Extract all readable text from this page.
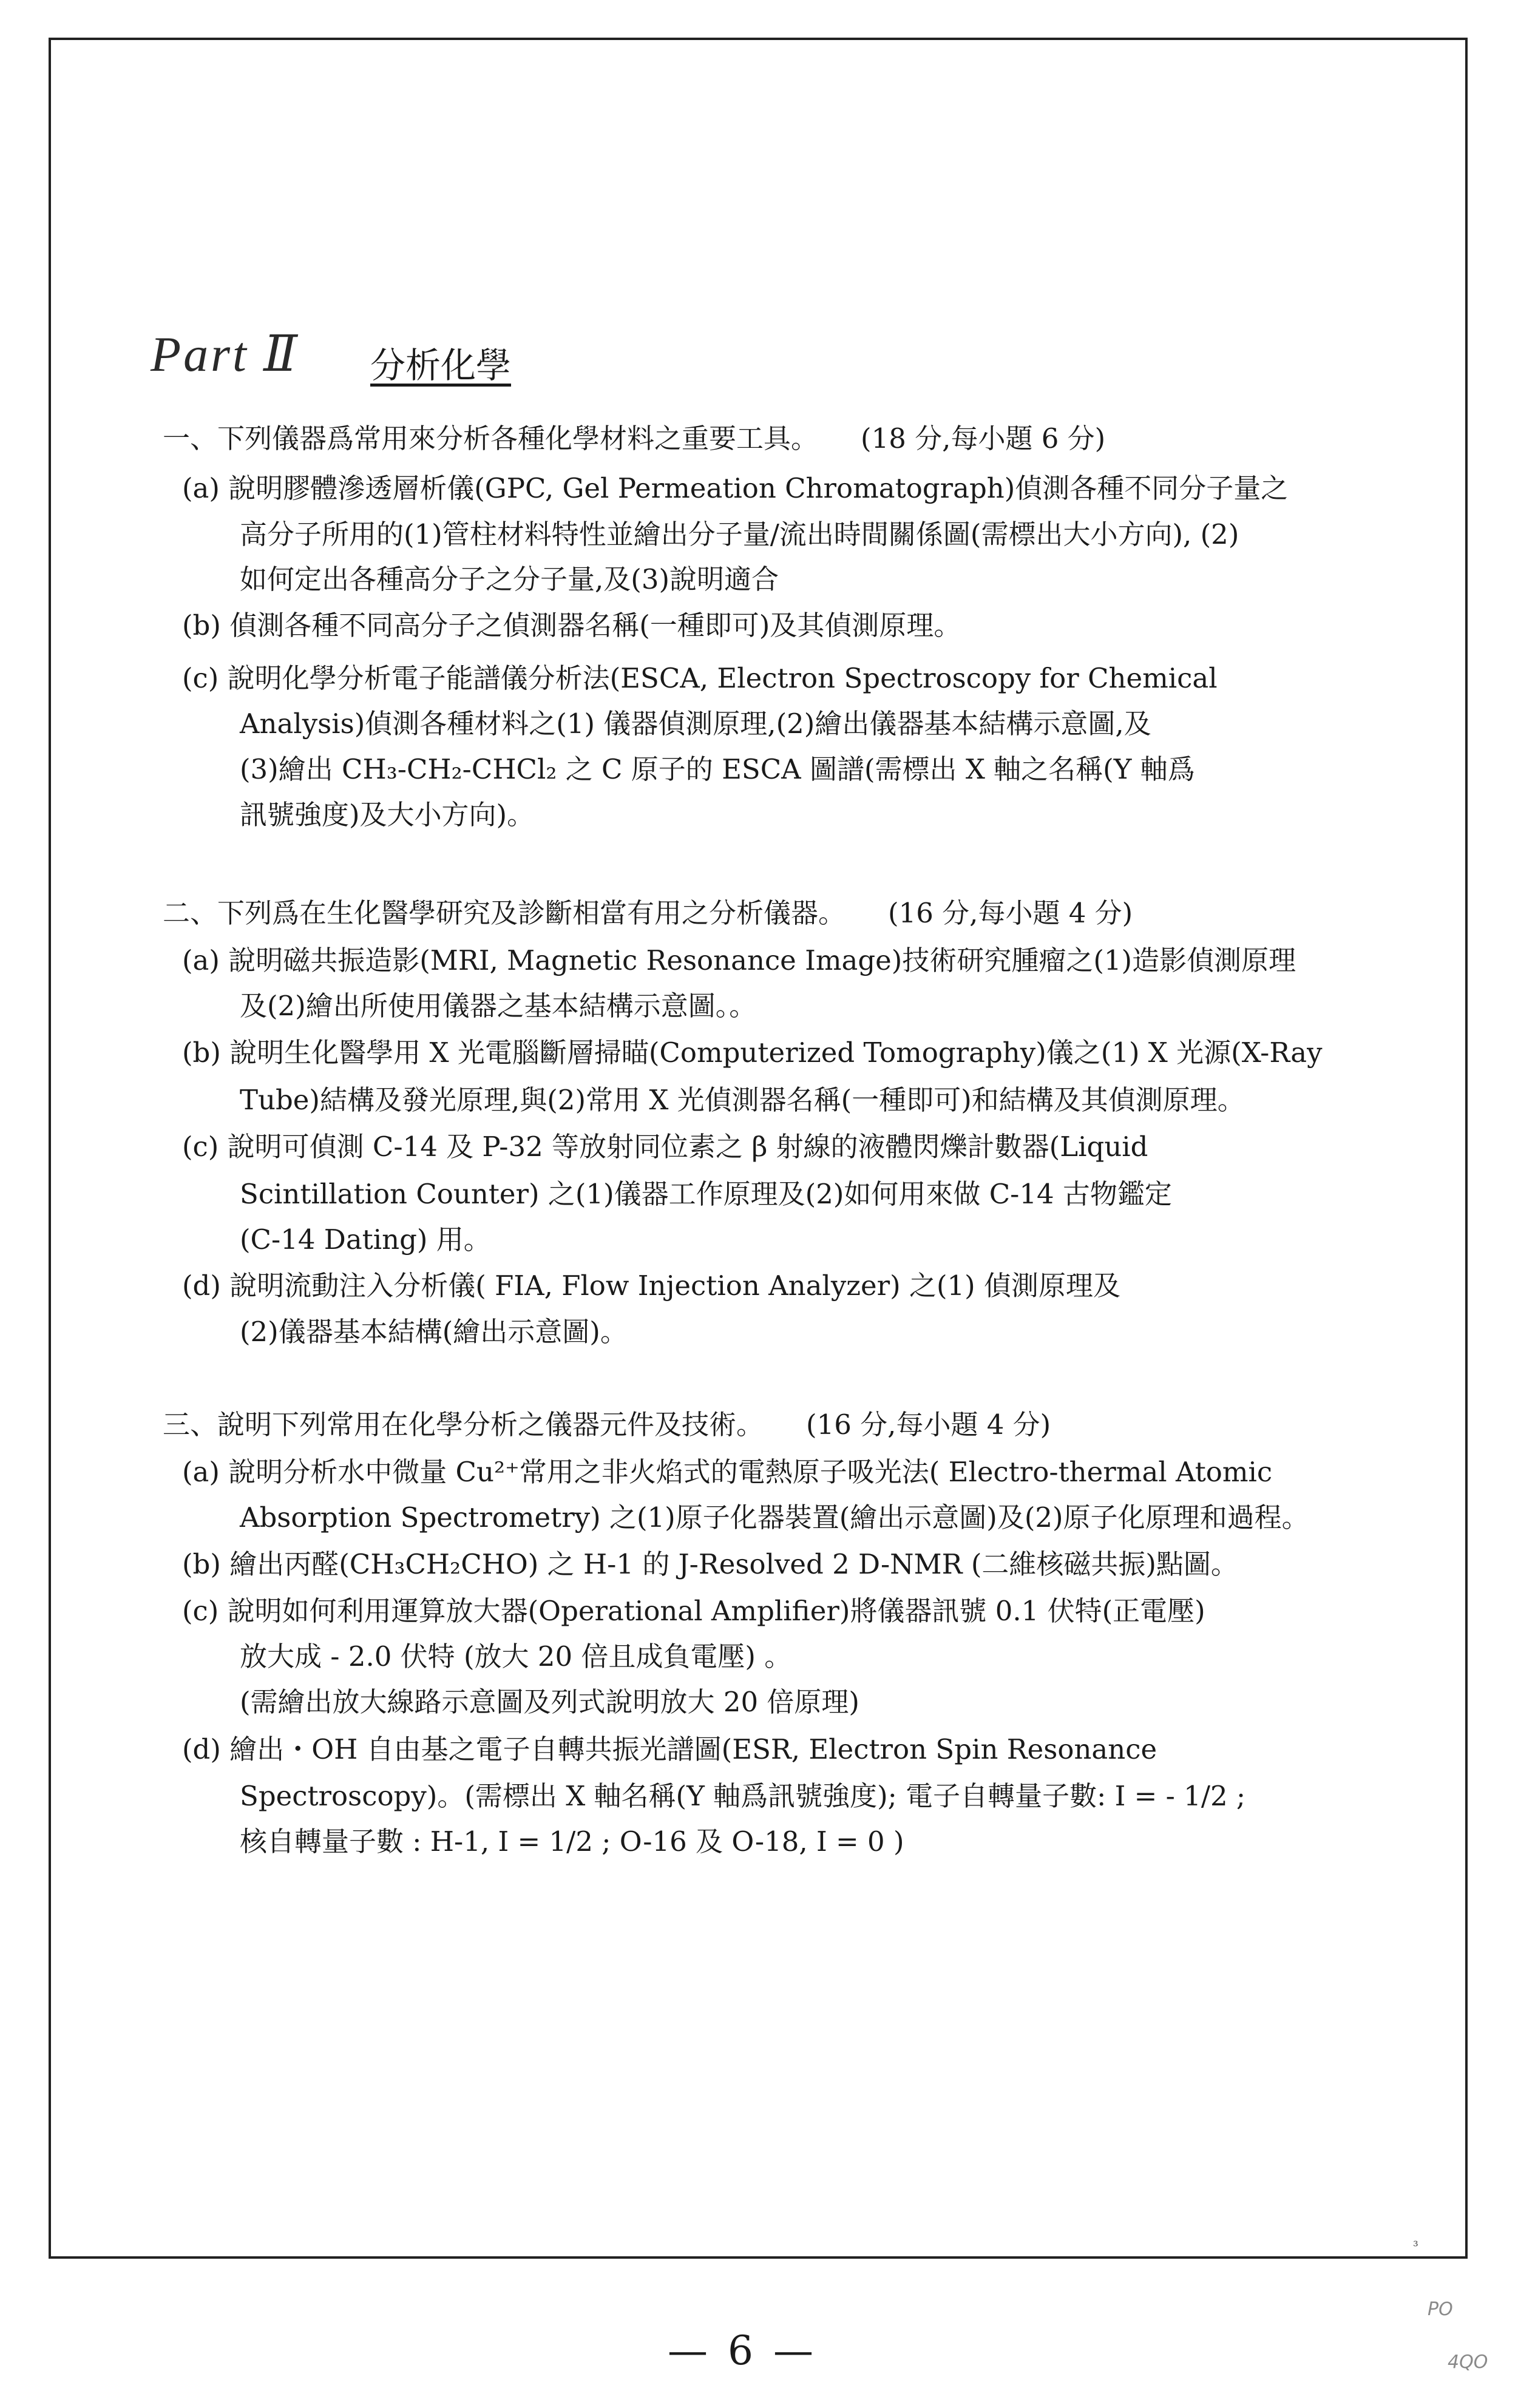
Part Ⅱ 分析化學
一、下列儀器爲常用來分析各種化學材料之重要工具。 (18 分,每小題 6 分)
(a) 說明膠體滲透層析儀(GPC, Gel Permeation Chromatograph)偵測各種不同分子量之
高分子所用的(1)管柱材料特性並繪出分子量/流出時間關係圖(需標出大小方向), (2)
如何定出各種高分子之分子量,及(3)說明適合
(b) 偵測各種不同高分子之偵測器名稱(一種即可)及其偵測原理。
(c) 說明化學分析電子能譜儀分析法(ESCA, Electron Spectroscopy for Chemical
Analysis)偵測各種材料之(1) 儀器偵測原理,(2)繪出儀器基本結構示意圖,及
(3)繪出 CH₃-CH₂-CHCl₂ 之 C 原子的 ESCA 圖譜(需標出 X 軸之名稱(Y 軸爲
訊號強度)及大小方向)。
二、下列爲在生化醫學研究及診斷相當有用之分析儀器。 (16 分,每小題 4 分)
(a) 說明磁共振造影(MRI, Magnetic Resonance Image)技術研究腫瘤之(1)造影偵測原理
及(2)繪出所使用儀器之基本結構示意圖。。
(b) 說明生化醫學用 X 光電腦斷層掃瞄(Computerized Tomography)儀之(1) X 光源(X-Ray
Tube)結構及發光原理,與(2)常用 X 光偵測器名稱(一種即可)和結構及其偵測原理。
(c) 說明可偵測 C-14 及 P-32 等放射同位素之 β 射線的液體閃爍計數器(Liquid
Scintillation Counter) 之(1)儀器工作原理及(2)如何用來做 C-14 古物鑑定
(C-14 Dating) 用。
(d) 說明流動注入分析儀( FIA, Flow Injection Analyzer) 之(1) 偵測原理及
(2)儀器基本結構(繪出示意圖)。
三、說明下列常用在化學分析之儀器元件及技術。 (16 分,每小題 4 分)
(a) 說明分析水中微量 Cu²⁺常用之非火焰式的電熱原子吸光法( Electro-thermal Atomic
Absorption Spectrometry) 之(1)原子化器裝置(繪出示意圖)及(2)原子化原理和過程。
(b) 繪出丙醛(CH₃CH₂CHO) 之 H-1 的 J-Resolved 2 D-NMR (二維核磁共振)點圖。
(c) 說明如何利用運算放大器(Operational Amplifier)將儀器訊號 0.1 伏特(正電壓)
放大成 - 2.0 伏特 (放大 20 倍且成負電壓) 。
(需繪出放大線路示意圖及列式說明放大 20 倍原理)
(d) 繪出・OH 自由基之電子自轉共振光譜圖(ESR, Electron Spin Resonance
Spectroscopy)。(需標出 X 軸名稱(Y 軸爲訊號強度); 電子自轉量子數: I = - 1/2 ;
核自轉量子數 : H-1, I = 1/2 ; O-16 及 O-18, I = 0 )
³
— 6 —
PO
4QO
